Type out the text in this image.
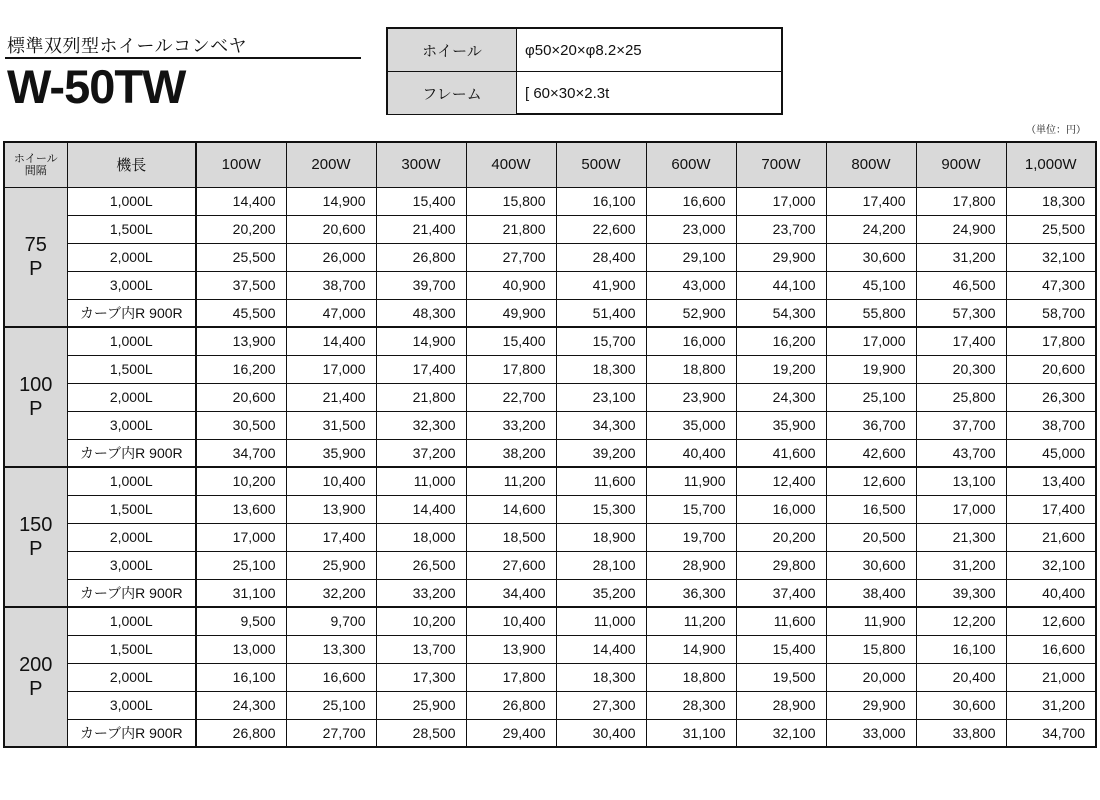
標準双列型ホイールコンベヤ
W-50TW
ホイール	φ50×20×φ8.2×25
フレーム	[ 60×30×2.3t
（単位：円）
ホイール
間隔	機長	100W	200W	300W	400W	500W	600W	700W	800W	900W	1,000W

75
P	1,000L	14,400	14,900	15,400	15,800	16,100	16,600	17,000	17,400	17,800	18,300
	1,500L	20,200	20,600	21,400	21,800	22,600	23,000	23,700	24,200	24,900	25,500
	2,000L	25,500	26,000	26,800	27,700	28,400	29,100	29,900	30,600	31,200	32,100
	3,000L	37,500	38,700	39,700	40,900	41,900	43,000	44,100	45,100	46,500	47,300
	カーブ内R 900R	45,500	47,000	48,300	49,900	51,400	52,900	54,300	55,800	57,300	58,700

100
P	1,000L	13,900	14,400	14,900	15,400	15,700	16,000	16,200	17,000	17,400	17,800
	1,500L	16,200	17,000	17,400	17,800	18,300	18,800	19,200	19,900	20,300	20,600
	2,000L	20,600	21,400	21,800	22,700	23,100	23,900	24,300	25,100	25,800	26,300
	3,000L	30,500	31,500	32,300	33,200	34,300	35,000	35,900	36,700	37,700	38,700
	カーブ内R 900R	34,700	35,900	37,200	38,200	39,200	40,400	41,600	42,600	43,700	45,000

150
P	1,000L	10,200	10,400	11,000	11,200	11,600	11,900	12,400	12,600	13,100	13,400
	1,500L	13,600	13,900	14,400	14,600	15,300	15,700	16,000	16,500	17,000	17,400
	2,000L	17,000	17,400	18,000	18,500	18,900	19,700	20,200	20,500	21,300	21,600
	3,000L	25,100	25,900	26,500	27,600	28,100	28,900	29,800	30,600	31,200	32,100
	カーブ内R 900R	31,100	32,200	33,200	34,400	35,200	36,300	37,400	38,400	39,300	40,400

200
P	1,000L	9,500	9,700	10,200	10,400	11,000	11,200	11,600	11,900	12,200	12,600
	1,500L	13,000	13,300	13,700	13,900	14,400	14,900	15,400	15,800	16,100	16,600
	2,000L	16,100	16,600	17,300	17,800	18,300	18,800	19,500	20,000	20,400	21,000
	3,000L	24,300	25,100	25,900	26,800	27,300	28,300	28,900	29,900	30,600	31,200
	カーブ内R 900R	26,800	27,700	28,500	29,400	30,400	31,100	32,100	33,000	33,800	34,700
